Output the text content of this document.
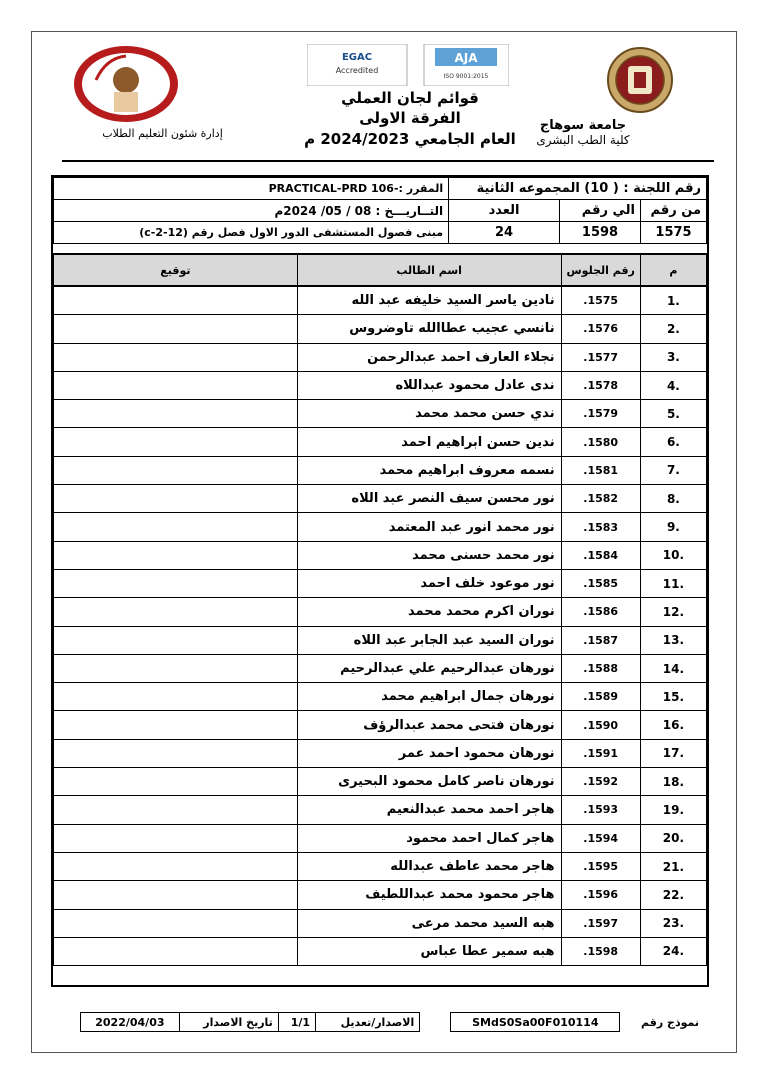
جامعة سوهاج
كلية الطب البشرى
إدارة شئون التعليم الطلاب
EGAC
Accredited
AJA
ISO 9001:2015
قوائم لجان العملي
الفرقة الاولى
العام الجامعي 2024/2023 م
رقم اللجنة : ( 10) المجموعه الثانية			المقرر :-PRACTICAL-PRD 106
من رقم	الي رقم	العدد	التــاريـــخ : 08 / 05/ 2024م
1575	1598	24	مبنى فصول المستشفى الدور الاول فصل رقم (12-2-c)
م	رقم الجلوس	اسم الطالب	توقيع
.1	1575.	نادين ياسر السيد خليفه عبد الله	
.2	1576.	نانسي عجيب عطاالله تاوضروس	
.3	1577.	نجلاء العارف احمد عبدالرحمن	
.4	1578.	ندى عادل محمود عبداللاه	
.5	1579.	ندي حسن محمد محمد	
.6	1580.	ندين حسن ابراهيم احمد	
.7	1581.	نسمه معروف ابراهيم محمد	
.8	1582.	نور محسن سيف النصر عبد اللاه	
.9	1583.	نور محمد انور عبد المعتمد	
.10	1584.	نور محمد حسنى محمد	
.11	1585.	نور موعود خلف احمد	
.12	1586.	نوران اكرم محمد محمد	
.13	1587.	نوران السيد عبد الجابر عبد اللاه	
.14	1588.	نورهان عبدالرحيم علي عبدالرحيم	
.15	1589.	نورهان جمال ابراهيم محمد	
.16	1590.	نورهان فتحى محمد عبدالرؤف	
.17	1591.	نورهان محمود احمد عمر	
.18	1592.	نورهان ناصر كامل محمود البحيرى	
.19	1593.	هاجر احمد محمد عبدالنعيم	
.20	1594.	هاجر كمال احمد محمود	
.21	1595.	هاجر محمد عاطف عبدالله	
.22	1596.	هاجر محمود محمد عبداللطيف	
.23	1597.	هبه السيد محمد مرعى	
.24	1598.	هبه سمير عطا عباس	
نموذج رقم	SMdS0Sa00F010114		الاصدار/تعديل	1/1	تاريخ الاصدار	2022/04/03
